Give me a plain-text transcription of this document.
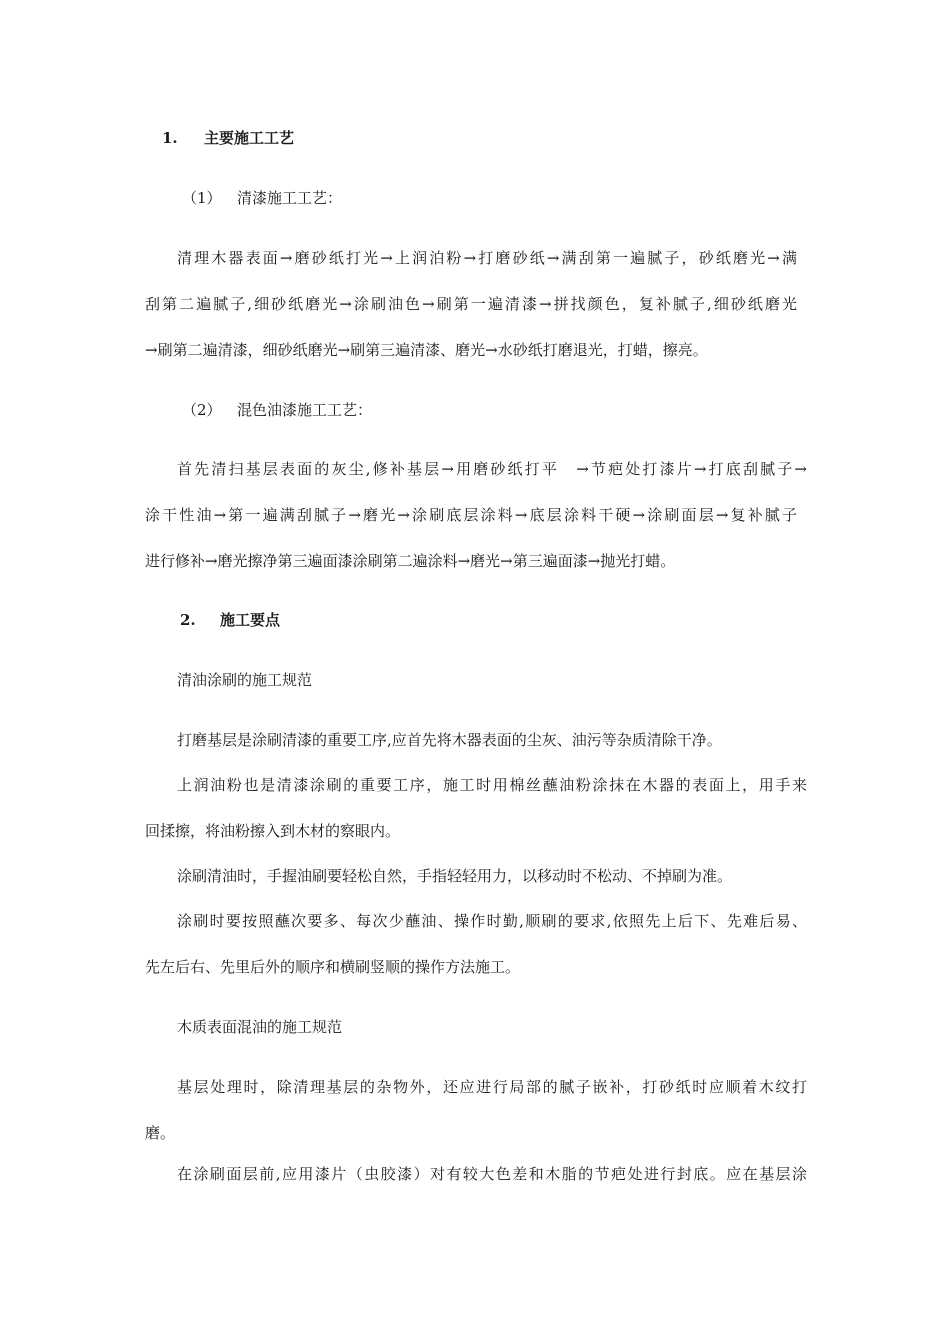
1. 主要施工工艺
（1） 清漆施工工艺：
清理木器表面→磨砂纸打光→上润泊粉→打磨砂纸→满刮第一遍腻子，砂纸磨光→满
刮第二遍腻子,细砂纸磨光→涂刷油色→刷第一遍清漆→拼找颜色，复补腻子,细砂纸磨光
→刷第二遍清漆，细砂纸磨光→刷第三遍清漆、磨光→水砂纸打磨退光，打蜡，擦亮。
（2） 混色油漆施工工艺：
首先清扫基层表面的灰尘,修补基层→用磨砂纸打平　→节疤处打漆片→打底刮腻子→
涂干性油→第一遍满刮腻子→磨光→涂刷底层涂料→底层涂料干硬→涂刷面层→复补腻子
进行修补→磨光擦净第三遍面漆涂刷第二遍涂料→磨光→第三遍面漆→抛光打蜡。
2. 施工要点
清油涂刷的施工规范
打磨基层是涂刷清漆的重要工序,应首先将木器表面的尘灰、油污等杂质清除干净。
上润油粉也是清漆涂刷的重要工序，施工时用棉丝蘸油粉涂抹在木器的表面上，用手来
回揉擦，将油粉擦入到木材的察眼内。
涂刷清油时，手握油刷要轻松自然，手指轻轻用力，以移动时不松动、不掉刷为准。
涂刷时要按照蘸次要多、每次少蘸油、操作时勤,顺刷的要求,依照先上后下、先难后易、
先左后右、先里后外的顺序和横刷竖顺的操作方法施工。
木质表面混油的施工规范
基层处理时，除清理基层的杂物外，还应进行局部的腻子嵌补，打砂纸时应顺着木纹打
磨。
在涂刷面层前,应用漆片（虫胶漆）对有较大色差和木脂的节疤处进行封底。应在基层涂
